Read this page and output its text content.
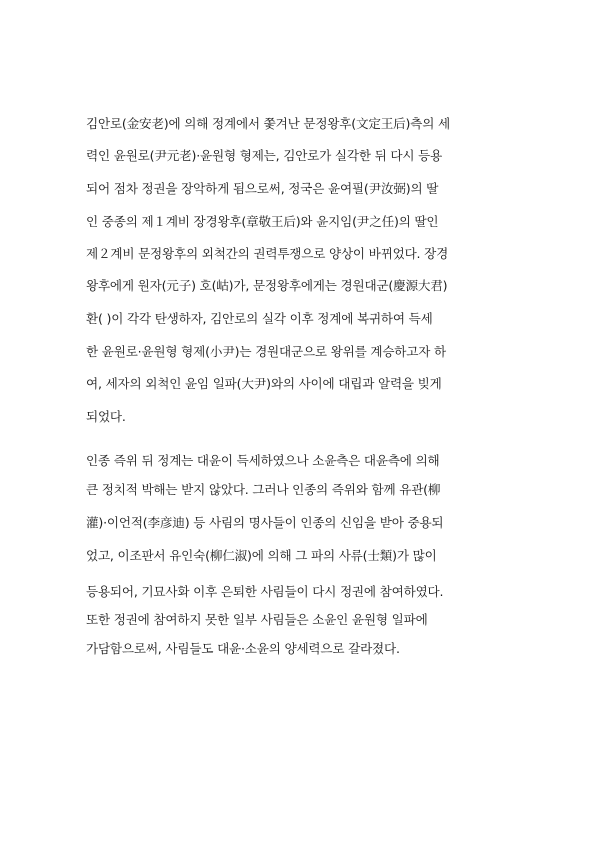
김안로(金安老)에 의해 정계에서 쫓겨난 문정왕후(文定王后)측의 세
력인 윤원로(尹元老)·윤원형 형제는, 김안로가 실각한 뒤 다시 등용
되어 점차 정권을 장악하게 됨으로써, 정국은 윤여필(尹汝弼)의 딸
인 중종의 제１계비 장경왕후(章敬王后)와 윤지임(尹之任)의 딸인
제２계비 문정왕후의 외척간의 권력투쟁으로 양상이 바뀌었다. 장경
왕후에게 원자(元子) 호(岵)가, 문정왕후에게는 경원대군(慶源大君)
환( )이 각각 탄생하자, 김안로의 실각 이후 정계에 복귀하여 득세
한 윤원로·윤원형 형제(小尹)는 경원대군으로 왕위를 계승하고자 하
여, 세자의 외척인 윤임 일파(大尹)와의 사이에 대립과 알력을 빚게
되었다.
인종 즉위 뒤 정계는 대윤이 득세하였으나 소윤측은 대윤측에 의해
큰 정치적 박해는 받지 않았다. 그러나 인종의 즉위와 함께 유관(柳
灌)·이언적(李彦迪) 등 사림의 명사들이 인종의 신임을 받아 중용되
었고, 이조판서 유인숙(柳仁淑)에 의해 그 파의 사류(士類)가 많이
등용되어, 기묘사화 이후 은퇴한 사림들이 다시 정권에 참여하였다.
또한 정권에 참여하지 못한 일부 사림들은 소윤인 윤원형 일파에
가담함으로써, 사림들도 대윤·소윤의 양세력으로 갈라졌다.
